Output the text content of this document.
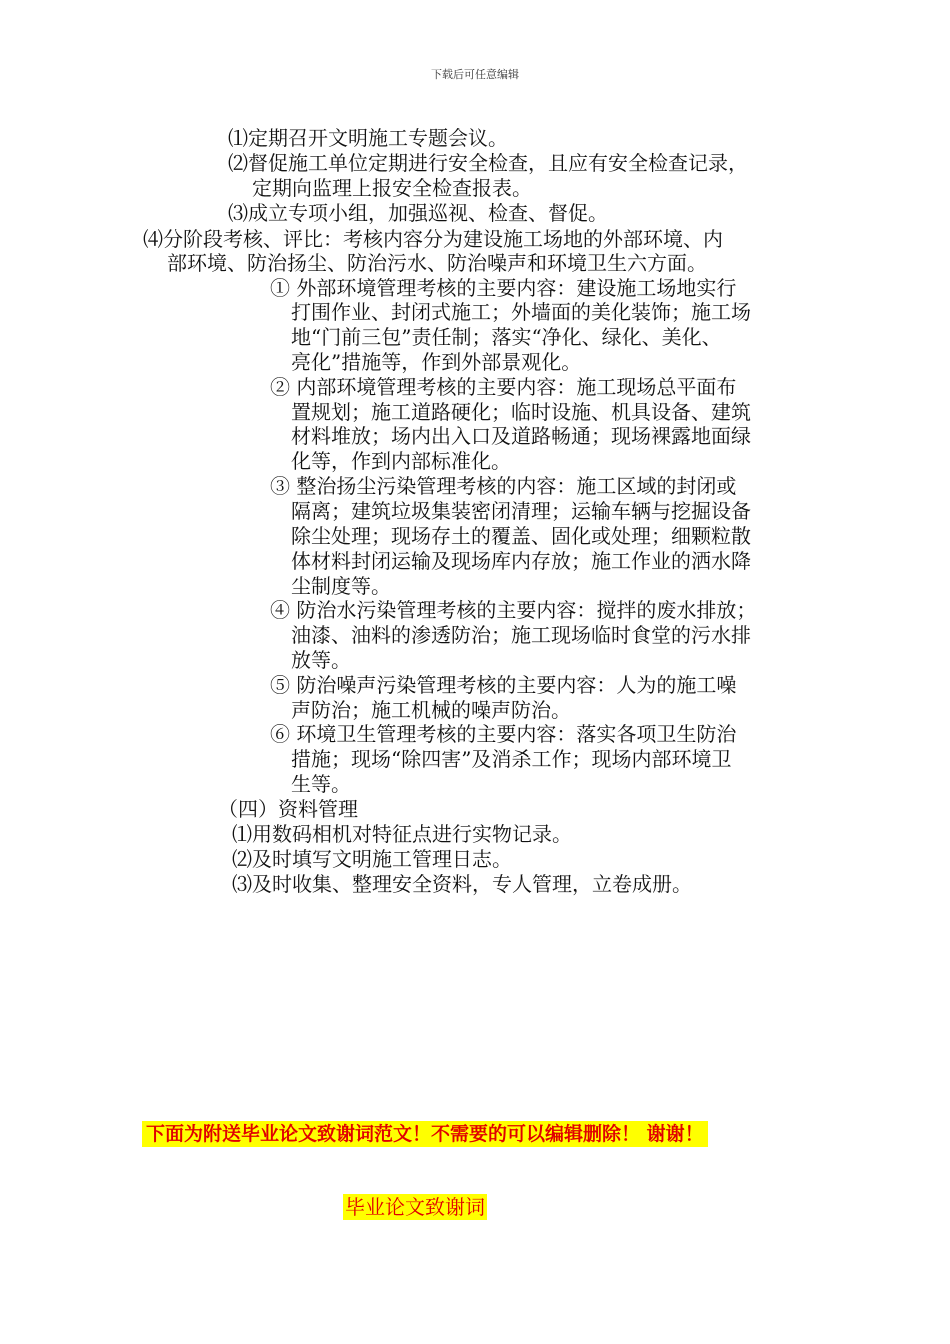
下载后可任意编辑
⑴定期召开文明施工专题会议。
⑵督促施工单位定期进行安全检查，且应有安全检查记录，
定期向监理上报安全检查报表。
⑶成立专项小组，加强巡视、检查、督促。
⑷分阶段考核、评比：考核内容分为建设施工场地的外部环境、内
部环境、防治扬尘、防治污水、防治噪声和环境卫生六方面。
① 外部环境管理考核的主要内容：建设施工场地实行
打围作业、封闭式施工；外墙面的美化装饰；施工场
地“门前三包”责任制；落实“净化、绿化、美化、
亮化”措施等，作到外部景观化。
② 内部环境管理考核的主要内容：施工现场总平面布
置规划；施工道路硬化；临时设施、机具设备、建筑
材料堆放；场内出入口及道路畅通；现场裸露地面绿
化等，作到内部标准化。
③ 整治扬尘污染管理考核的内容：施工区域的封闭或
隔离；建筑垃圾集装密闭清理；运输车辆与挖掘设备
除尘处理；现场存土的覆盖、固化或处理；细颗粒散
体材料封闭运输及现场库内存放；施工作业的洒水降
尘制度等。
④ 防治水污染管理考核的主要内容：搅拌的废水排放；
油漆、油料的渗透防治；施工现场临时食堂的污水排
放等。
⑤ 防治噪声污染管理考核的主要内容：人为的施工噪
声防治；施工机械的噪声防治。
⑥ 环境卫生管理考核的主要内容：落实各项卫生防治
措施；现场“除四害”及消杀工作；现场内部环境卫
生等。
（四）资料管理
⑴用数码相机对特征点进行实物记录。
⑵及时填写文明施工管理日志。
⑶及时收集、整理安全资料，专人管理，立卷成册。
下面为附送毕业论文致谢词范文！不需要的可以编辑删除！ 谢谢！
毕业论文致谢词
